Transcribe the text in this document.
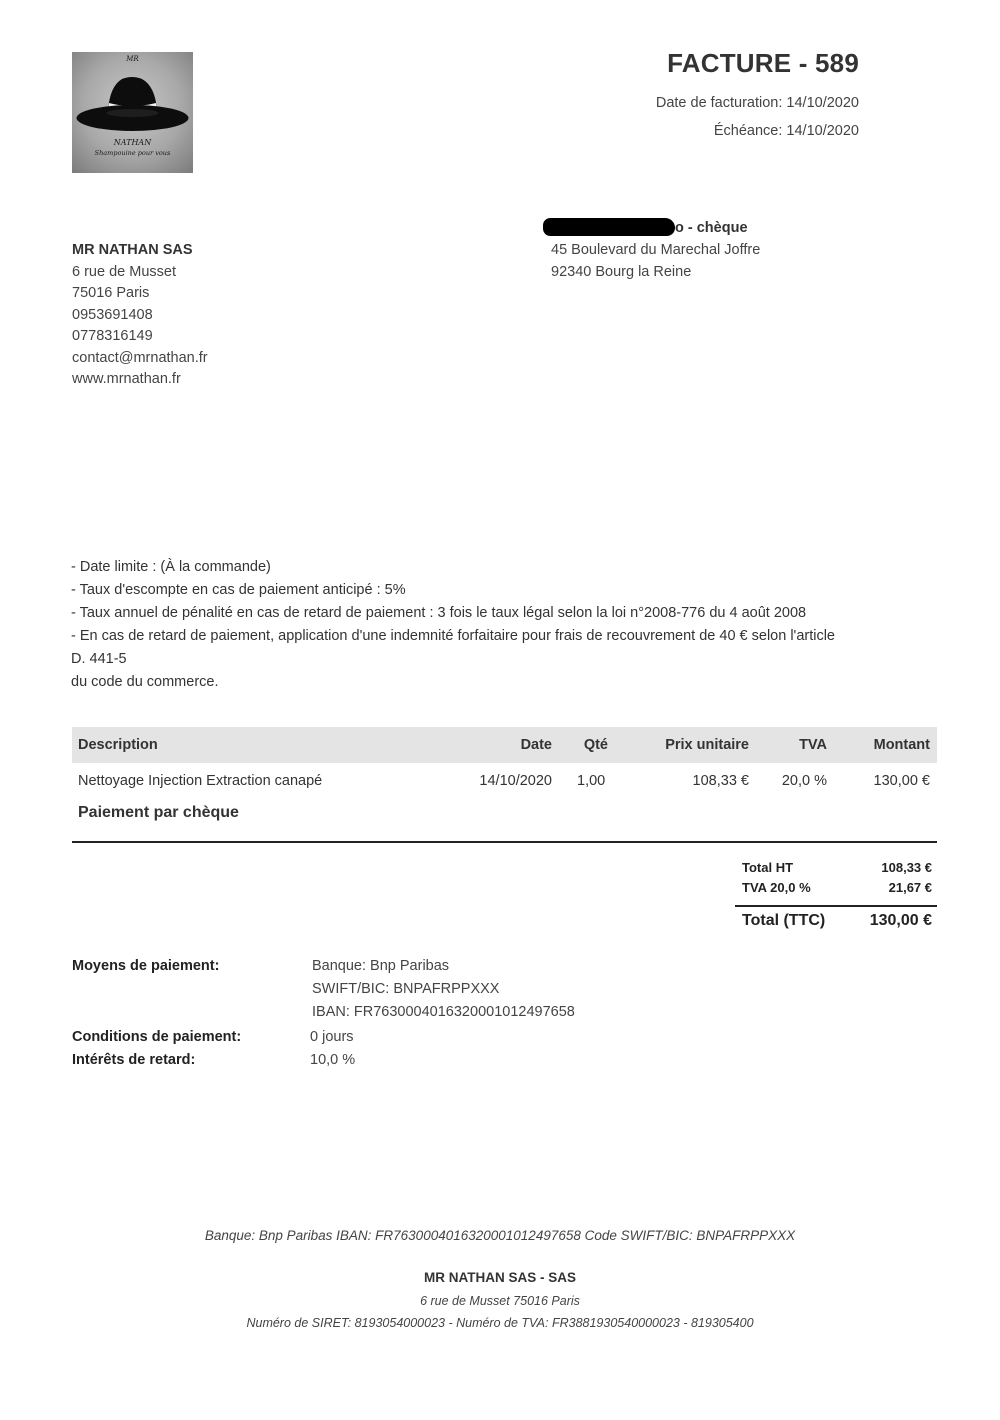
MR
NATHAN
Shampouine pour vous
FACTURE - 589
Date de facturation: 14/10/2020
Échéance: 14/10/2020
MR NATHAN SAS
6 rue de Musset
75016 Paris
0953691408
0778316149
contact@mrnathan.fr
www.mrnathan.fr
o - chèque
45 Boulevard du Marechal Joffre
92340 Bourg la Reine
- Date limite : (À la commande)
- Taux d'escompte en cas de paiement anticipé : 5%
- Taux annuel de pénalité en cas de retard de paiement : 3 fois le taux légal selon la loi n°2008-776 du 4 août 2008
- En cas de retard de paiement, application d'une indemnité forfaitaire pour frais de recouvrement de 40 € selon l'article
D. 441-5
du code du commerce.
Description	Date Qté	Prix unitaire	TVA	Montant
Nettoyage Injection Extraction canapé	14/10/2020 1,00	108,33 € 20,0 %	130,00 €
Paiement par chèque
Total HT	108,33 €
TVA 20,0 %	21,67 €
Total (TTC)	130,00 €
Moyens de paiement:	Banque: Bnp Paribas
SWIFT/BIC: BNPAFRPPXXX
IBAN: FR7630004016320001012497658
Conditions de paiement:	0 jours
Intérêts de retard:	10,0 %
Banque: Bnp Paribas IBAN: FR7630004016320001012497658 Code SWIFT/BIC: BNPAFRPPXXX
MR NATHAN SAS - SAS
6 rue de Musset 75016 Paris
Numéro de SIRET: 8193054000023 - Numéro de TVA: FR3881930540000023 - 819305400
